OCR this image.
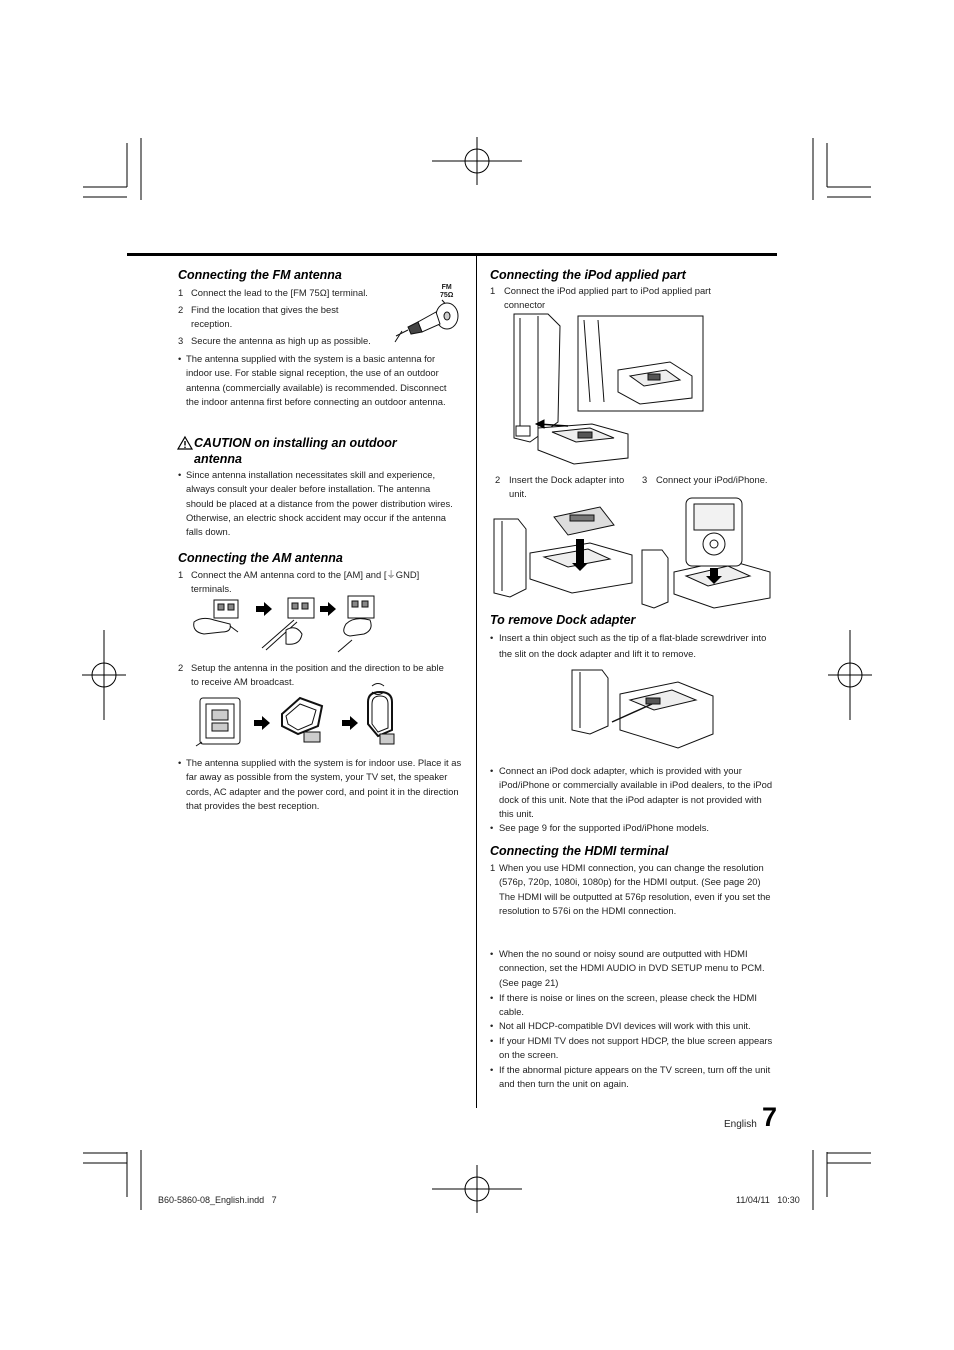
Connecting the FM antenna
1 Connect the lead to the [FM 75Ω] terminal.
2 Find the location that gives the best reception.
3 Secure the antenna as high up as possible.
FM
75Ω
• The antenna supplied with the system is a basic antenna for indoor use. For stable signal reception, the use of an outdoor antenna (commercially available) is recommended. Disconnect the indoor antenna first before connecting an outdoor antenna.
CAUTION on installing an outdoor
antenna
• Since antenna installation necessitates skill and experience, always consult your dealer before installation. The antenna should be placed at a distance from the power distribution wires. Otherwise, an electric shock accident may occur if the antenna falls down.
Connecting the AM antenna
1 Connect the AM antenna cord to the [AM] and [⏚GND] terminals.
2 Setup the antenna in the position and the direction to be able to receive AM broadcast.
• The antenna supplied with the system is for indoor use. Place it as far away as possible from the system, your TV set, the speaker cords, AC adapter and the power cord, and point it in the direction that provides the best reception.
Connecting the iPod applied part
1 Connect the iPod applied part to iPod applied part connector
2 Insert the Dock adapter into unit.
3 Connect your iPod/iPhone.
To remove Dock adapter
• Insert a thin object such as the tip of a flat-blade screwdriver into the slit on the dock adapter and lift it to remove.
• Connect an iPod dock adapter, which is provided with your iPod/iPhone or commercially available in iPod dealers, to the iPod dock of this unit. Note that the iPod adapter is not provided with this unit.
• See page 9 for the supported iPod/iPhone models.
Connecting the HDMI terminal
1 When you use HDMI connection, you can change the resolution (576p, 720p, 1080i, 1080p) for the HDMI output. (See page 20)
The HDMI will be outputted at 576p resolution, even if you set the resolution to 576i on the HDMI connection.
• When the no sound or noisy sound are outputted with HDMI connection, set the HDMI AUDIO in DVD SETUP menu to PCM. (See page 21)
• If there is noise or lines on the screen, please check the HDMI cable.
• Not all HDCP-compatible DVI devices will work with this unit.
• If your HDMI TV does not support HDCP, the blue screen appears on the screen.
• If the abnormal picture appears on the TV screen, turn off the unit and then turn the unit on again.
English 7
B60-5860-08_English.indd   7	11/04/11   10:30
